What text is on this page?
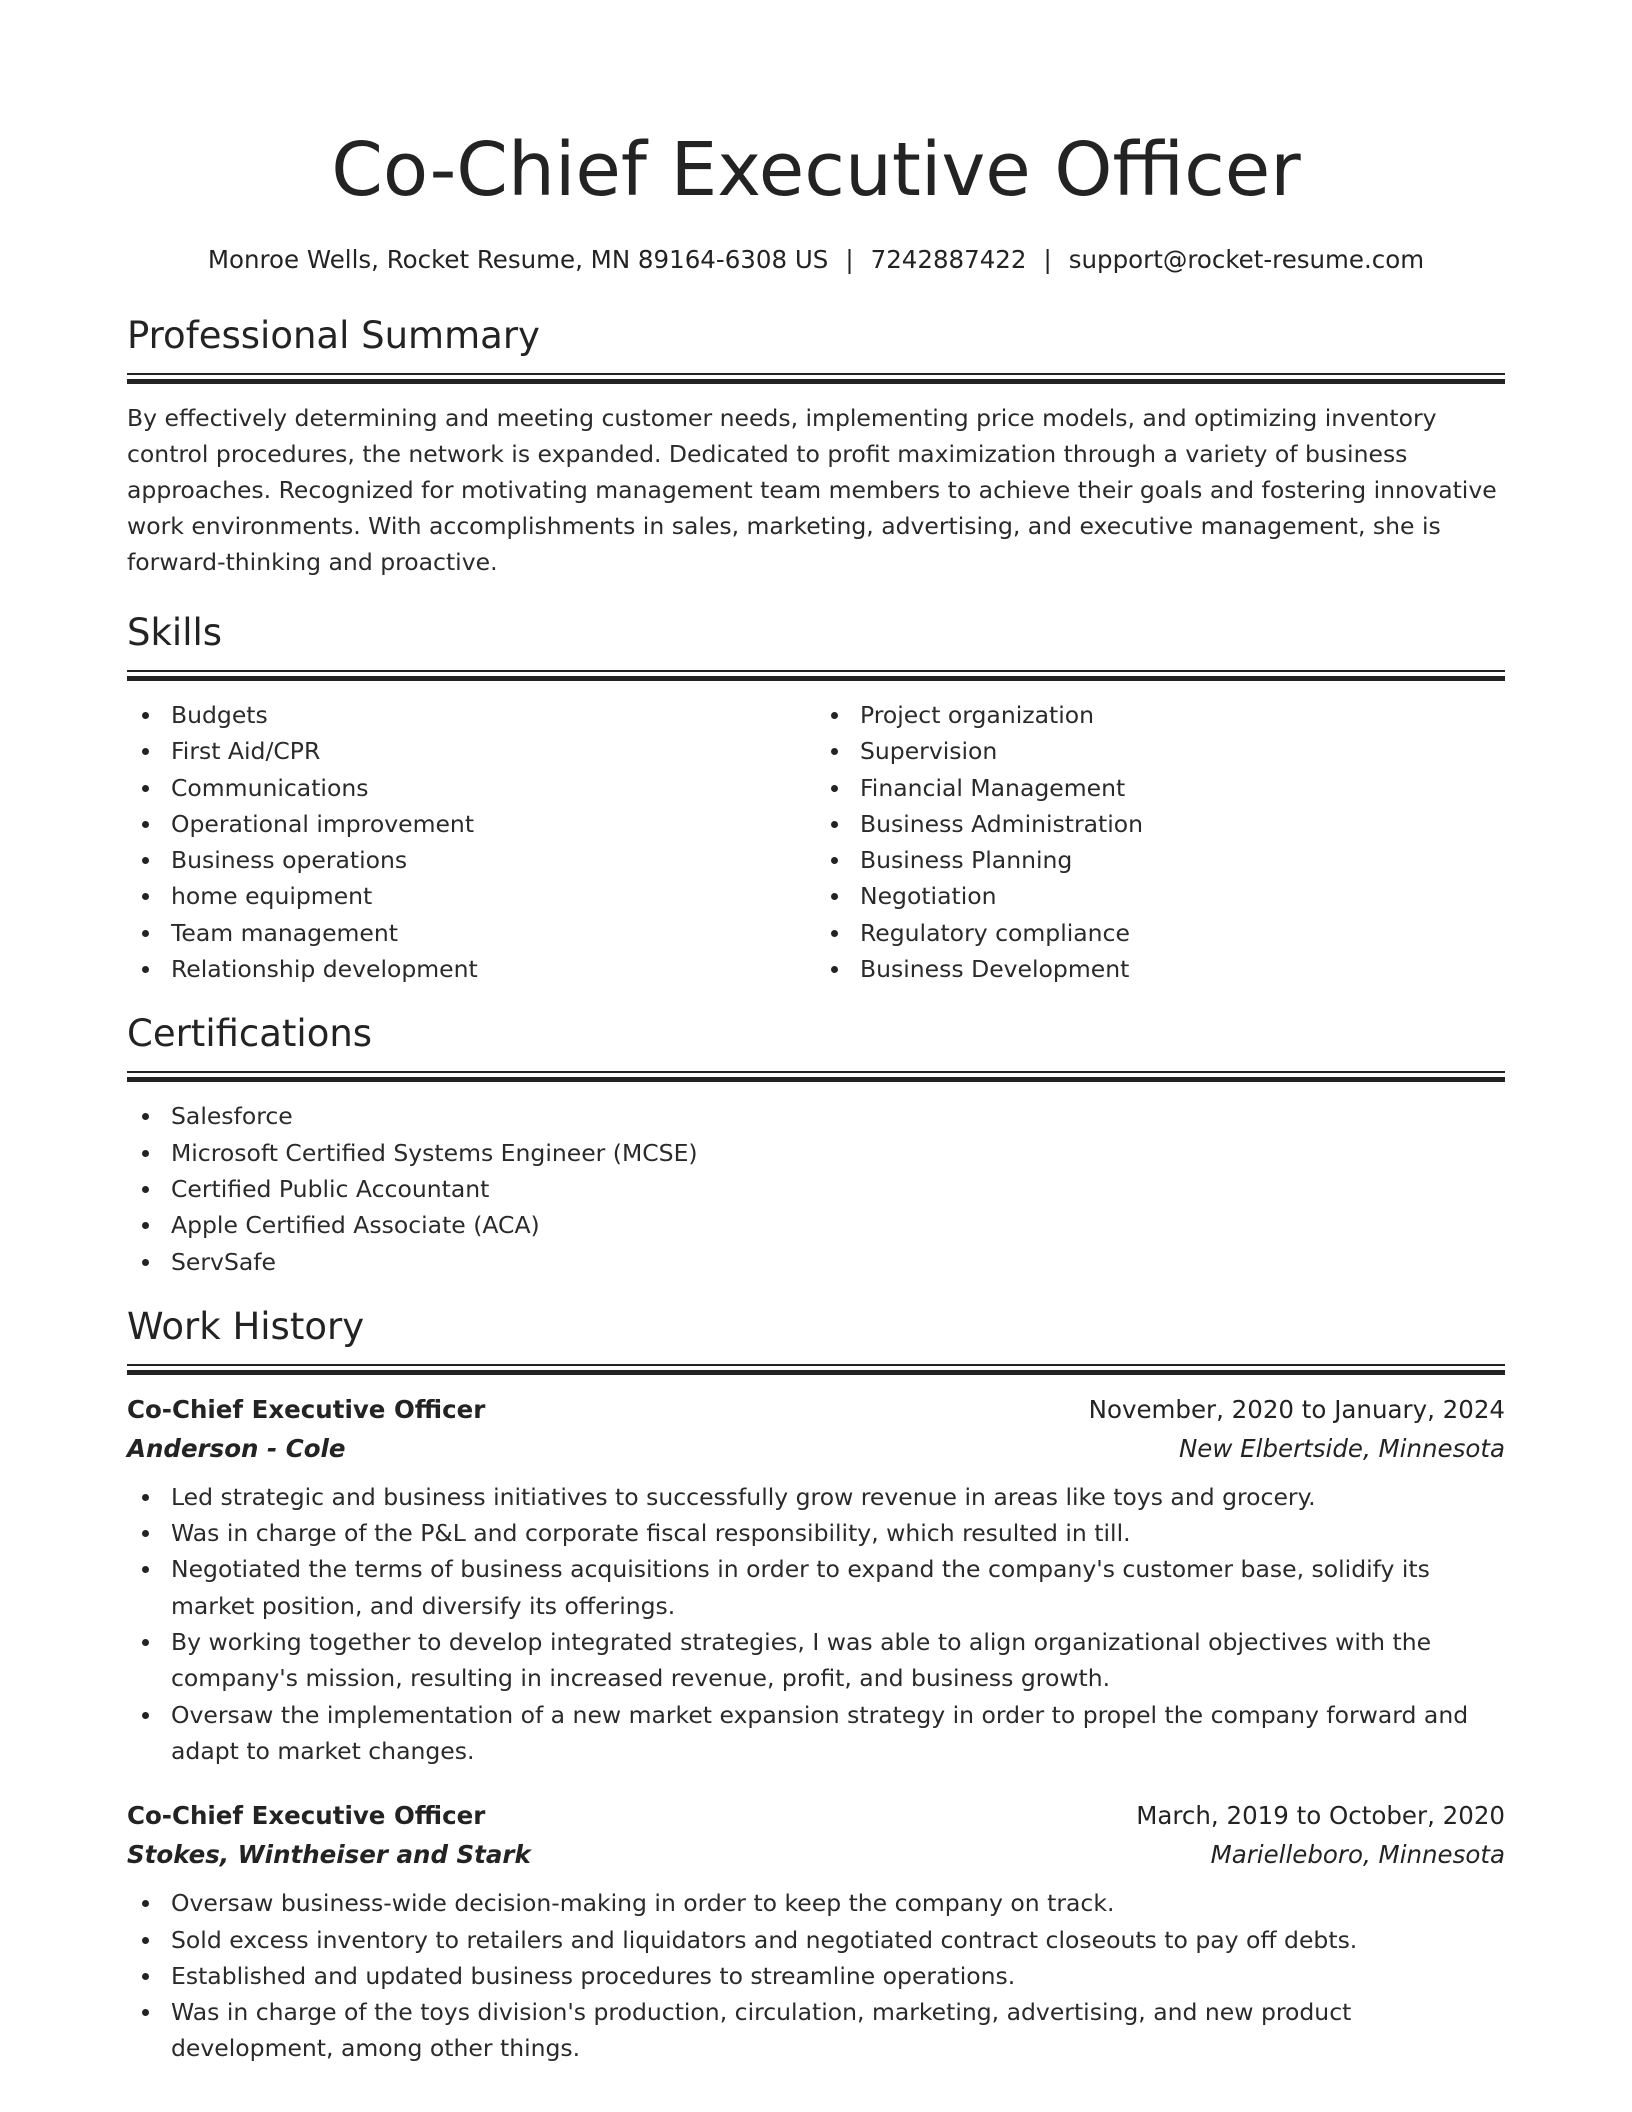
Co-Chief Executive Officer
Monroe Wells, Rocket Resume, MN 89164-6308 US | 7242887422 | support@rocket-resume.com
Professional Summary

By effectively determining and meeting customer needs, implementing price models, and optimizing inventory control procedures, the network is expanded. Dedicated to profit maximization through a variety of business approaches. Recognized for motivating management team members to achieve their goals and fostering innovative work environments. With accomplishments in sales, marketing, advertising, and executive management, she is forward-thinking and proactive.

Skills
Budgets
First Aid/CPR
Communications
Operational improvement
Business operations
home equipment
Team management
Relationship development
Project organization
Supervision
Financial Management
Business Administration
Business Planning
Negotiation
Regulatory compliance
Business Development
Certifications
Salesforce
Microsoft Certified Systems Engineer (MCSE)
Certified Public Accountant
Apple Certified Associate (ACA)
ServSafe
Work History
Co-Chief Executive Officer	November, 2020 to January, 2024
Anderson - Cole	New Elbertside, Minnesota
Led strategic and business initiatives to successfully grow revenue in areas like toys and grocery.
Was in charge of the P&L and corporate fiscal responsibility, which resulted in till.
Negotiated the terms of business acquisitions in order to expand the company's customer base, solidify its market position, and diversify its offerings.
By working together to develop integrated strategies, I was able to align organizational objectives with the company's mission, resulting in increased revenue, profit, and business growth.
Oversaw the implementation of a new market expansion strategy in order to propel the company forward and adapt to market changes.
Co-Chief Executive Officer	March, 2019 to October, 2020
Stokes, Wintheiser and Stark	Marielleboro, Minnesota
Oversaw business-wide decision-making in order to keep the company on track.
Sold excess inventory to retailers and liquidators and negotiated contract closeouts to pay off debts.
Established and updated business procedures to streamline operations.
Was in charge of the toys division's production, circulation, marketing, advertising, and new product development, among other things.
